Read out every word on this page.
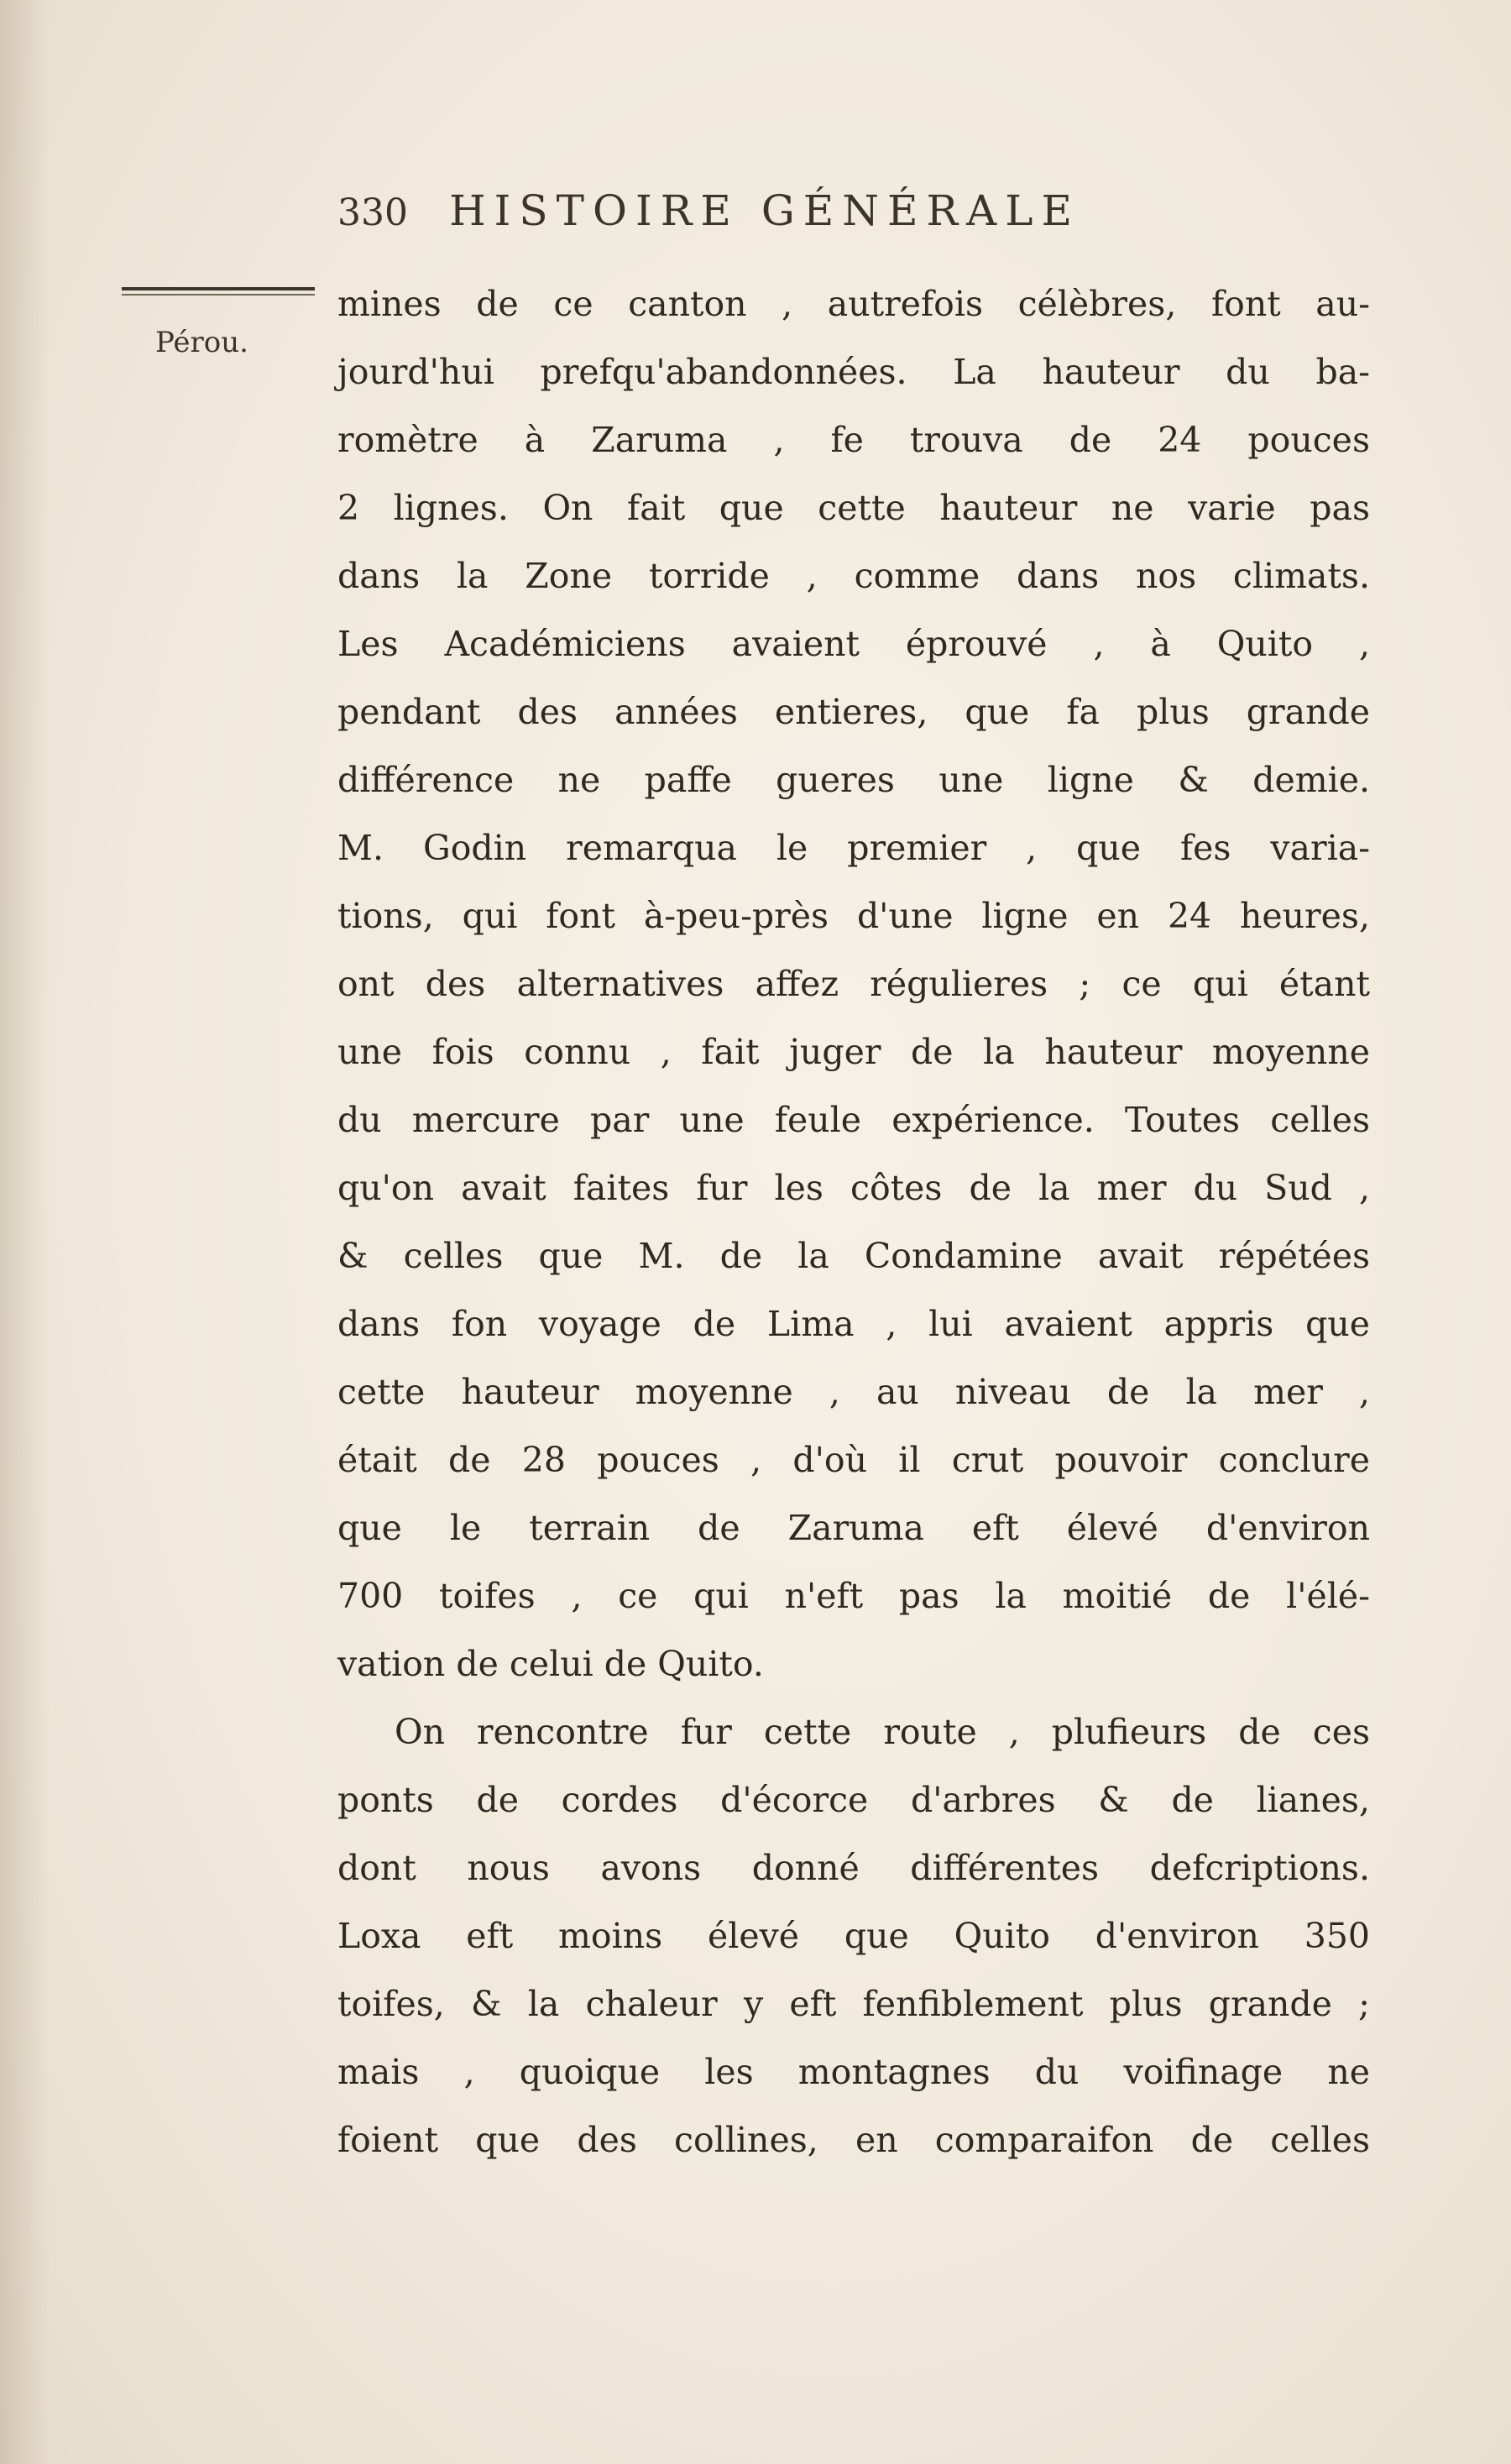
330 HISTOIRE GÉNÉRALE
Pérou.
mines de ce canton , autrefois célèbres, font au-
jourd'hui prefqu'abandonnées. La hauteur du ba-
romètre à Zaruma , fe trouva de 24 pouces
2 lignes. On fait que cette hauteur ne varie pas
dans la Zone torride , comme dans nos climats.
Les Académiciens avaient éprouvé , à Quito ,
pendant des années entieres, que fa plus grande
différence ne paffe gueres une ligne & demie.
M. Godin remarqua le premier , que fes varia-
tions, qui font à-peu-près d'une ligne en 24 heures,
ont des alternatives affez régulieres ; ce qui étant
une fois connu , fait juger de la hauteur moyenne
du mercure par une feule expérience. Toutes celles
qu'on avait faites fur les côtes de la mer du Sud ,
& celles que M. de la Condamine avait répétées
dans fon voyage de Lima , lui avaient appris que
cette hauteur moyenne , au niveau de la mer ,
était de 28 pouces , d'où il crut pouvoir conclure
que le terrain de Zaruma eft élevé d'environ
700 toifes , ce qui n'eft pas la moitié de l'élé-
vation de celui de Quito.
On rencontre fur cette route , plufieurs de ces
ponts de cordes d'écorce d'arbres & de lianes,
dont nous avons donné différentes defcriptions.
Loxa eft moins élevé que Quito d'environ 350
toifes, & la chaleur y eft fenfiblement plus grande ;
mais , quoique les montagnes du voifinage ne
foient que des collines, en comparaifon de celles
